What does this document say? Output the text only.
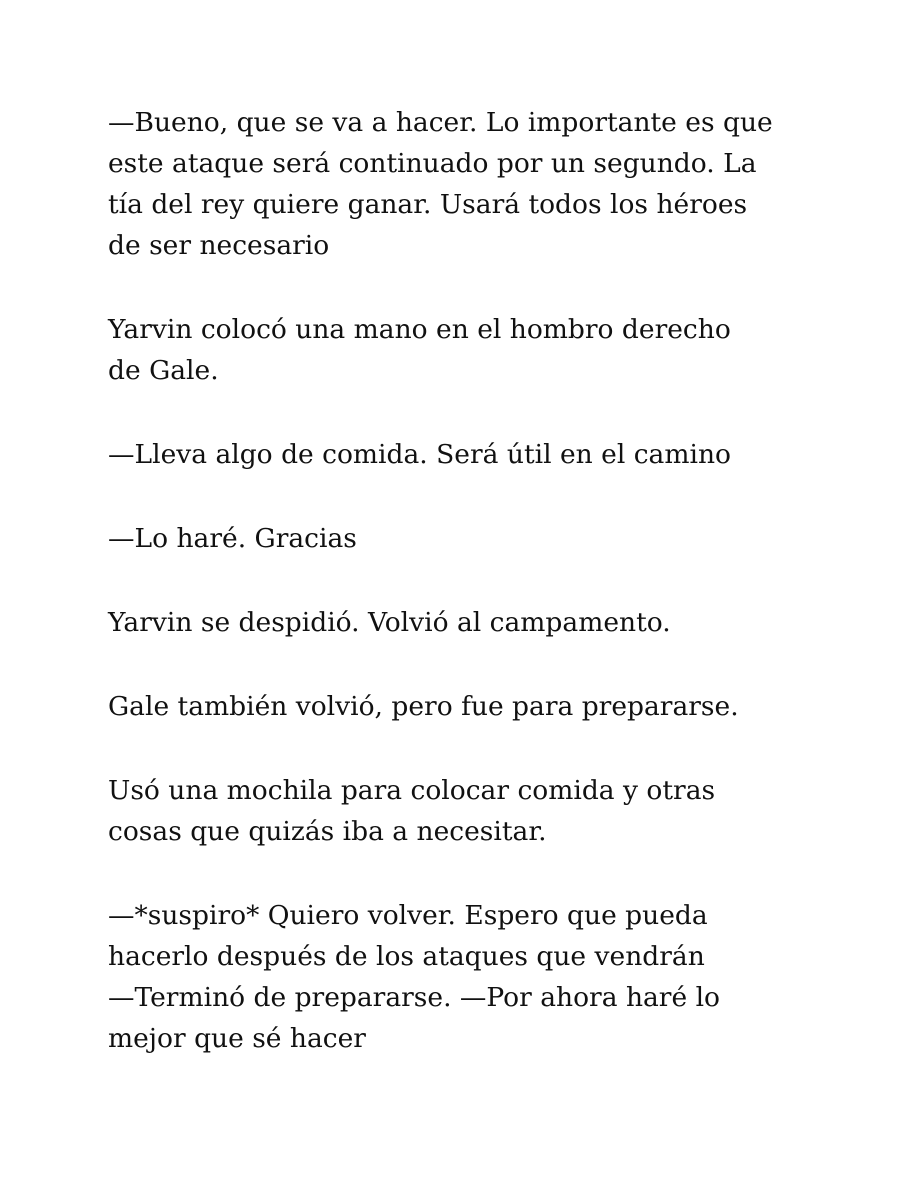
—Bueno, que se va a hacer. Lo importante es que
este ataque será continuado por un segundo. La
tía del rey quiere ganar. Usará todos los héroes
de ser necesario

Yarvin colocó una mano en el hombro derecho
de Gale.

—Lleva algo de comida. Será útil en el camino

—Lo haré. Gracias

Yarvin se despidió. Volvió al campamento.

Gale también volvió, pero fue para prepararse.

Usó una mochila para colocar comida y otras
cosas que quizás iba a necesitar.

—*suspiro* Quiero volver. Espero que pueda
hacerlo después de los ataques que vendrán
—Terminó de prepararse. —Por ahora haré lo
mejor que sé hacer
